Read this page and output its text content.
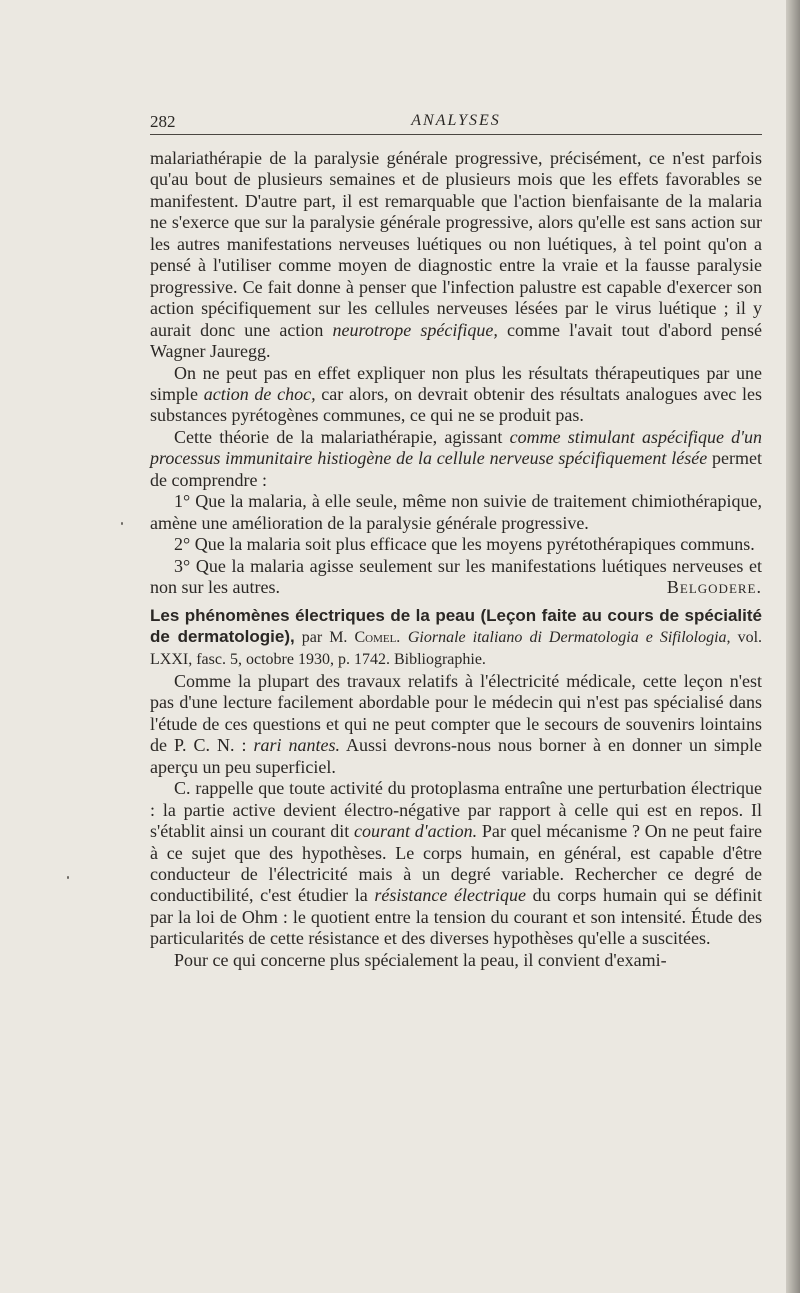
282	ANALYSES

malariathérapie de la paralysie générale progressive, précisément, ce n'est parfois qu'au bout de plusieurs semaines et de plusieurs mois que les effets favorables se manifestent. D'autre part, il est remarquable que l'action bienfaisante de la malaria ne s'exerce que sur la paralysie générale progressive, alors qu'elle est sans action sur les autres manifestations nerveuses luétiques ou non luétiques, à tel point qu'on a pensé à l'utiliser comme moyen de diagnostic entre la vraie et la fausse paralysie progressive. Ce fait donne à penser que l'infection palustre est capable d'exercer son action spécifiquement sur les cellules nerveuses lésées par le virus luétique ; il y aurait donc une action neurotrope spécifique, comme l'avait tout d'abord pensé Wagner Jauregg.

On ne peut pas en effet expliquer non plus les résultats thérapeutiques par une simple action de choc, car alors, on devrait obtenir des résultats analogues avec les substances pyrétogènes communes, ce qui ne se produit pas.

Cette théorie de la malariathérapie, agissant comme stimulant aspécifique d'un processus immunitaire histiogène de la cellule nerveuse spécifiquement lésée permet de comprendre :

1° Que la malaria, à elle seule, même non suivie de traitement chimiothérapique, amène une amélioration de la paralysie générale progressive.

2° Que la malaria soit plus efficace que les moyens pyrétothérapiques communs.

3° Que la malaria agisse seulement sur les manifestations luétiques nerveuses et non sur les autres.	Belgodere.

Les phénomènes électriques de la peau (Leçon faite au cours de spécialité de dermatologie), par M. Comel. Giornale italiano di Dermatologia e Sifilologia, vol. LXXI, fasc. 5, octobre 1930, p. 1742. Bibliographie.

Comme la plupart des travaux relatifs à l'électricité médicale, cette leçon n'est pas d'une lecture facilement abordable pour le médecin qui n'est pas spécialisé dans l'étude de ces questions et qui ne peut compter que le secours de souvenirs lointains de P. C. N. : rari nantes. Aussi devrons-nous nous borner à en donner un simple aperçu un peu superficiel.

C. rappelle que toute activité du protoplasma entraîne une perturbation électrique : la partie active devient électro-négative par rapport à celle qui est en repos. Il s'établit ainsi un courant dit courant d'action. Par quel mécanisme ? On ne peut faire à ce sujet que des hypothèses. Le corps humain, en général, est capable d'être conducteur de l'électricité mais à un degré variable. Rechercher ce degré de conductibilité, c'est étudier la résistance électrique du corps humain qui se définit par la loi de Ohm : le quotient entre la tension du courant et son intensité. Étude des particularités de cette résistance et des diverses hypothèses qu'elle a suscitées.

Pour ce qui concerne plus spécialement la peau, il convient d'exami-
